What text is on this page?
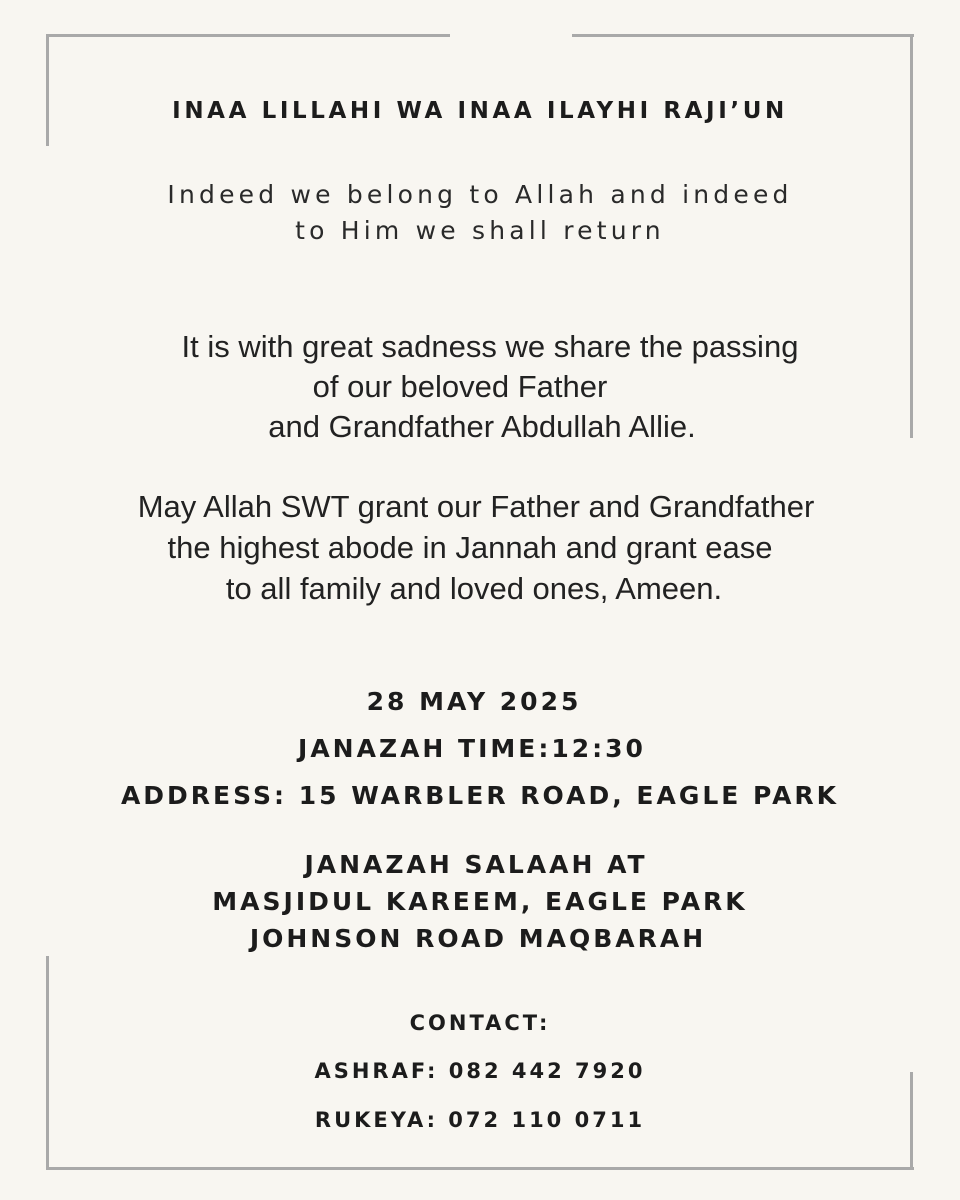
INAA LILLAHI WA INAA ILAYHI RAJI’UN
Indeed we belong to Allah and indeed
to Him we shall return
It is with great sadness we share the passing
of our beloved Father
and Grandfather Abdullah Allie.
May Allah SWT grant our Father and Grandfather
the highest abode in Jannah and grant ease
to all family and loved ones, Ameen.
28 MAY 2025
JANAZAH TIME:12:30
ADDRESS: 15 WARBLER ROAD, EAGLE PARK
JANAZAH SALAAH AT
MASJIDUL KAREEM, EAGLE PARK
JOHNSON ROAD MAQBARAH
CONTACT:
ASHRAF: 082 442 7920
RUKEYA: 072 110 0711
